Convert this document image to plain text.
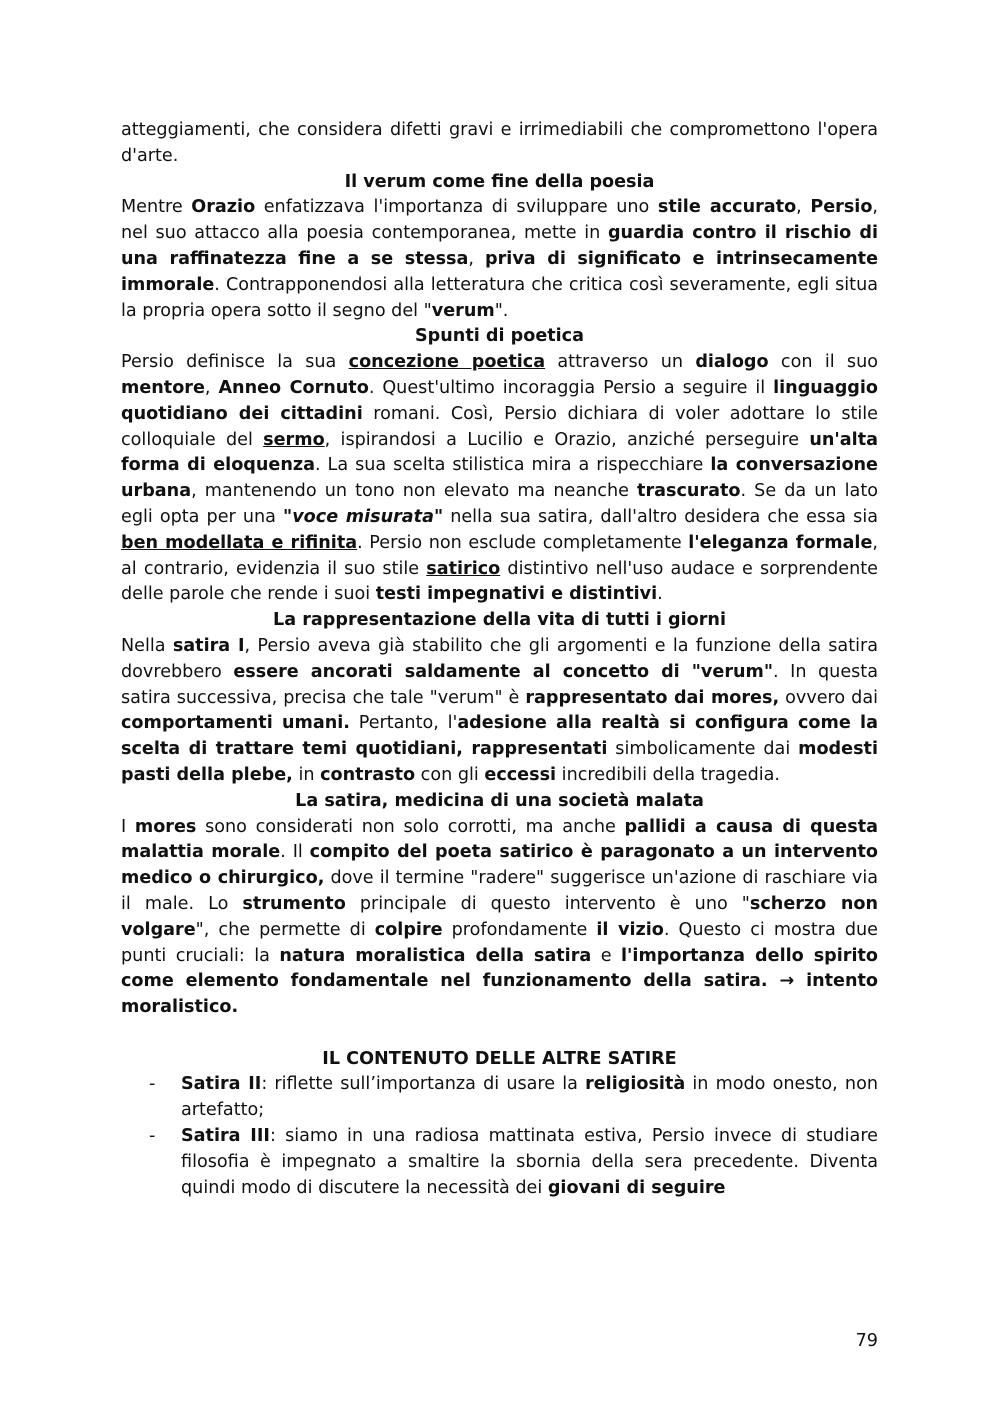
atteggiamenti, che considera difetti gravi e irrimediabili che compromettono l'opera d'arte.

Il verum come fine della poesia

Mentre Orazio enfatizzava l'importanza di sviluppare uno stile accurato, Persio, nel suo attacco alla poesia contemporanea, mette in guardia contro il rischio di una raffinatezza fine a se stessa, priva di significato e intrinsecamente immorale. Contrapponendosi alla letteratura che critica così severamente, egli situa la propria opera sotto il segno del "verum".

Spunti di poetica

Persio definisce la sua concezione poetica attraverso un dialogo con il suo mentore, Anneo Cornuto. Quest'ultimo incoraggia Persio a seguire il linguaggio quotidiano dei cittadini romani. Così, Persio dichiara di voler adottare lo stile colloquiale del sermo, ispirandosi a Lucilio e Orazio, anziché perseguire un'alta forma di eloquenza. La sua scelta stilistica mira a rispecchiare la conversazione urbana, mantenendo un tono non elevato ma neanche trascurato. Se da un lato egli opta per una "voce misurata" nella sua satira, dall'altro desidera che essa sia ben modellata e rifinita. Persio non esclude completamente l'eleganza formale, al contrario, evidenzia il suo stile satirico distintivo nell'uso audace e sorprendente delle parole che rende i suoi testi impegnativi e distintivi.

La rappresentazione della vita di tutti i giorni

Nella satira I, Persio aveva già stabilito che gli argomenti e la funzione della satira dovrebbero essere ancorati saldamente al concetto di "verum". In questa satira successiva, precisa che tale "verum" è rappresentato dai mores, ovvero dai comportamenti umani. Pertanto, l'adesione alla realtà si configura come la scelta di trattare temi quotidiani, rappresentati simbolicamente dai modesti pasti della plebe, in contrasto con gli eccessi incredibili della tragedia.

La satira, medicina di una società malata

I mores sono considerati non solo corrotti, ma anche pallidi a causa di questa malattia morale. Il compito del poeta satirico è paragonato a un intervento medico o chirurgico, dove il termine "radere" suggerisce un'azione di raschiare via il male. Lo strumento principale di questo intervento è uno "scherzo non volgare", che permette di colpire profondamente il vizio. Questo ci mostra due punti cruciali: la natura moralistica della satira e l'importanza dello spirito come elemento fondamentale nel funzionamento della satira. → intento moralistico.

IL CONTENUTO DELLE ALTRE SATIRE
- Satira II: riflette sull’importanza di usare la religiosità in modo onesto, non artefatto;
- Satira III: siamo in una radiosa mattinata estiva, Persio invece di studiare filosofia è impegnato a smaltire la sbornia della sera precedente. Diventa quindi modo di discutere la necessità dei giovani di seguire
79
